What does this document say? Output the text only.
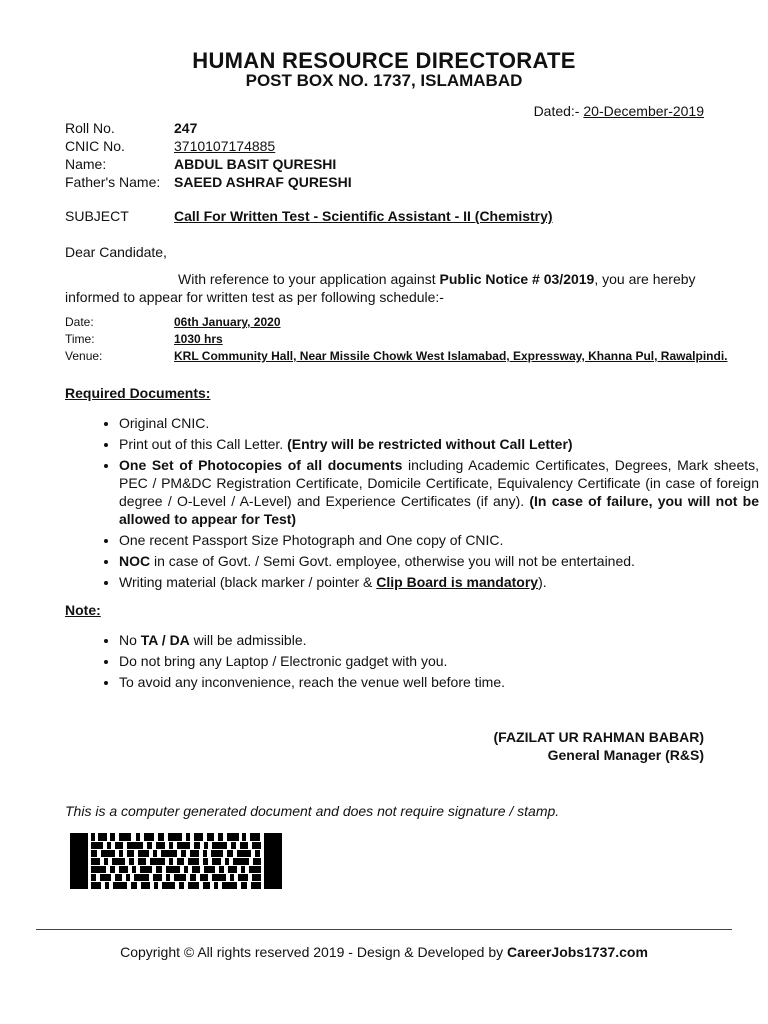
HUMAN RESOURCE DIRECTORATE
POST BOX NO. 1737, ISLAMABAD
Dated:- 20-December-2019
Roll No.	247
CNIC No.	3710107174885
Name:	ABDUL BASIT QURESHI
Father's Name: SAEED ASHRAF QURESHI
SUBJECT	Call For Written Test - Scientific Assistant - II (Chemistry)
Dear Candidate,
With reference to your application against Public Notice # 03/2019, you are hereby
informed to appear for written test as per following schedule:-
Date:	06th January, 2020
Time:	1030 hrs
Venue:	KRL Community Hall, Near Missile Chowk West Islamabad, Expressway, Khanna Pul, Rawalpindi.
Required Documents:
• Original CNIC.
• Print out of this Call Letter. (Entry will be restricted without Call Letter)
• One Set of Photocopies of all documents including Academic Certificates, Degrees, Mark sheets, PEC / PM&DC Registration Certificate, Domicile Certificate, Equivalency Certificate (in case of foreign degree / O-Level / A-Level) and Experience Certificates (if any). (In case of failure, you will not be allowed to appear for Test)
• One recent Passport Size Photograph and One copy of CNIC.
• NOC in case of Govt. / Semi Govt. employee, otherwise you will not be entertained.
• Writing material (black marker / pointer & Clip Board is mandatory).
Note:
• No TA / DA will be admissible.
• Do not bring any Laptop / Electronic gadget with you.
• To avoid any inconvenience, reach the venue well before time.
(FAZILAT UR RAHMAN BABAR)
General Manager (R&S)
This is a computer generated document and does not require signature / stamp.
Copyright © All rights reserved 2019 - Design & Developed by CareerJobs1737.com
